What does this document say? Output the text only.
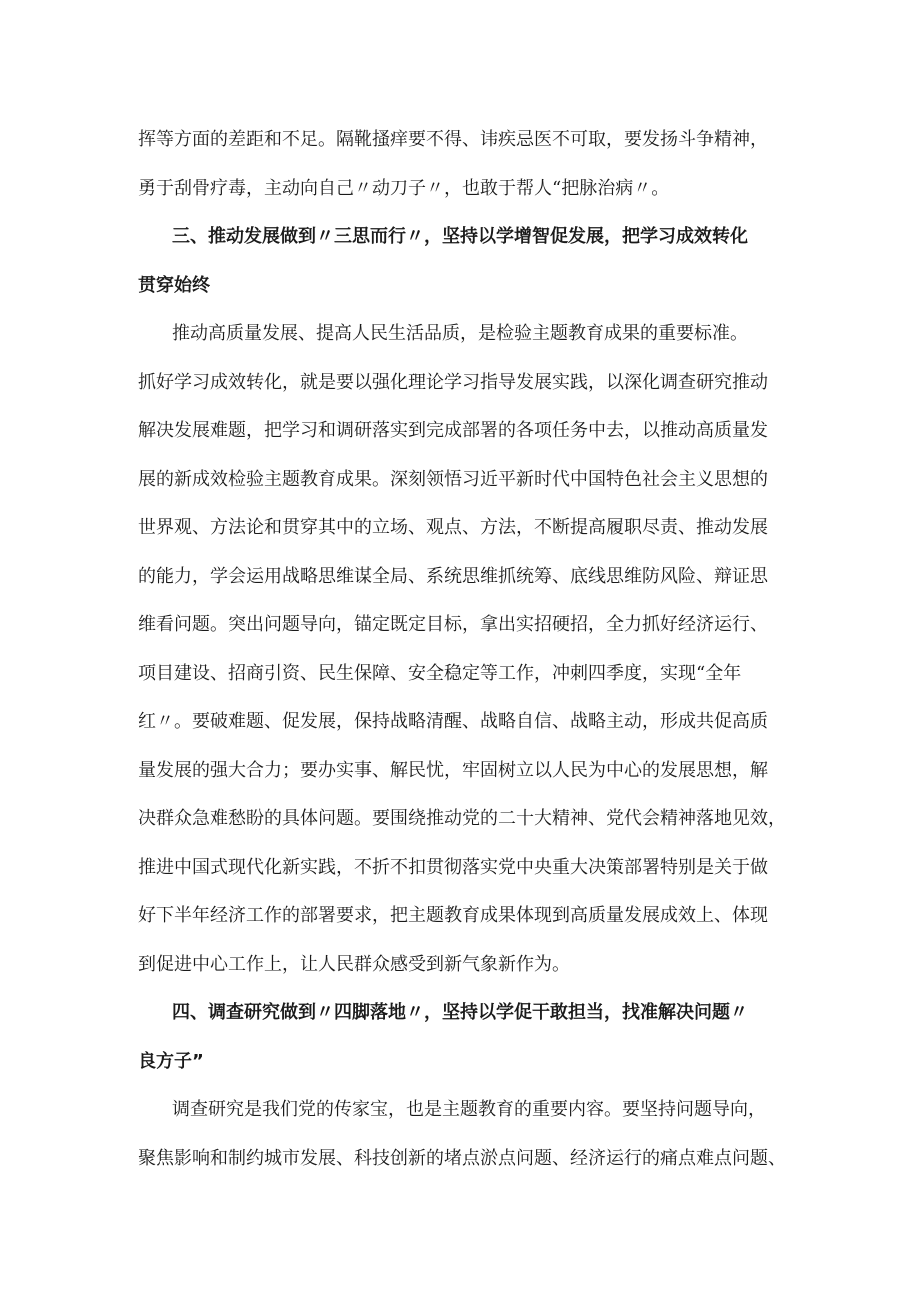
挥等方面的差距和不足。隔靴搔痒要不得、讳疾忌医不可取，要发扬斗争精神，
勇于刮骨疗毒，主动向自己〃动刀子〃，也敢于帮人“把脉治病〃。
三、推动发展做到〃三思而行〃，坚持以学增智促发展，把学习成效转化
贯穿始终
推动高质量发展、提高人民生活品质，是检验主题教育成果的重要标准。
抓好学习成效转化，就是要以强化理论学习指导发展实践，以深化调查研究推动
解决发展难题，把学习和调研落实到完成部署的各项任务中去，以推动高质量发
展的新成效检验主题教育成果。深刻领悟习近平新时代中国特色社会主义思想的
世界观、方法论和贯穿其中的立场、观点、方法，不断提高履职尽责、推动发展
的能力，学会运用战略思维谋全局、系统思维抓统筹、底线思维防风险、辩证思
维看问题。突出问题导向，锚定既定目标，拿出实招硬招，全力抓好经济运行、
项目建设、招商引资、民生保障、安全稳定等工作，冲刺四季度，实现“全年
红〃。要破难题、促发展，保持战略清醒、战略自信、战略主动，形成共促高质
量发展的强大合力；要办实事、解民忧，牢固树立以人民为中心的发展思想，解
决群众急难愁盼的具体问题。要围绕推动党的二十大精神、党代会精神落地见效，
推进中国式现代化新实践，不折不扣贯彻落实党中央重大决策部署特别是关于做
好下半年经济工作的部署要求，把主题教育成果体现到高质量发展成效上、体现
到促进中心工作上，让人民群众感受到新气象新作为。
四、调查研究做到〃四脚落地〃，坚持以学促干敢担当，找准解决问题〃
良方子”
调查研究是我们党的传家宝，也是主题教育的重要内容。要坚持问题导向，
聚焦影响和制约城市发展、科技创新的堵点淤点问题、经济运行的痛点难点问题、
